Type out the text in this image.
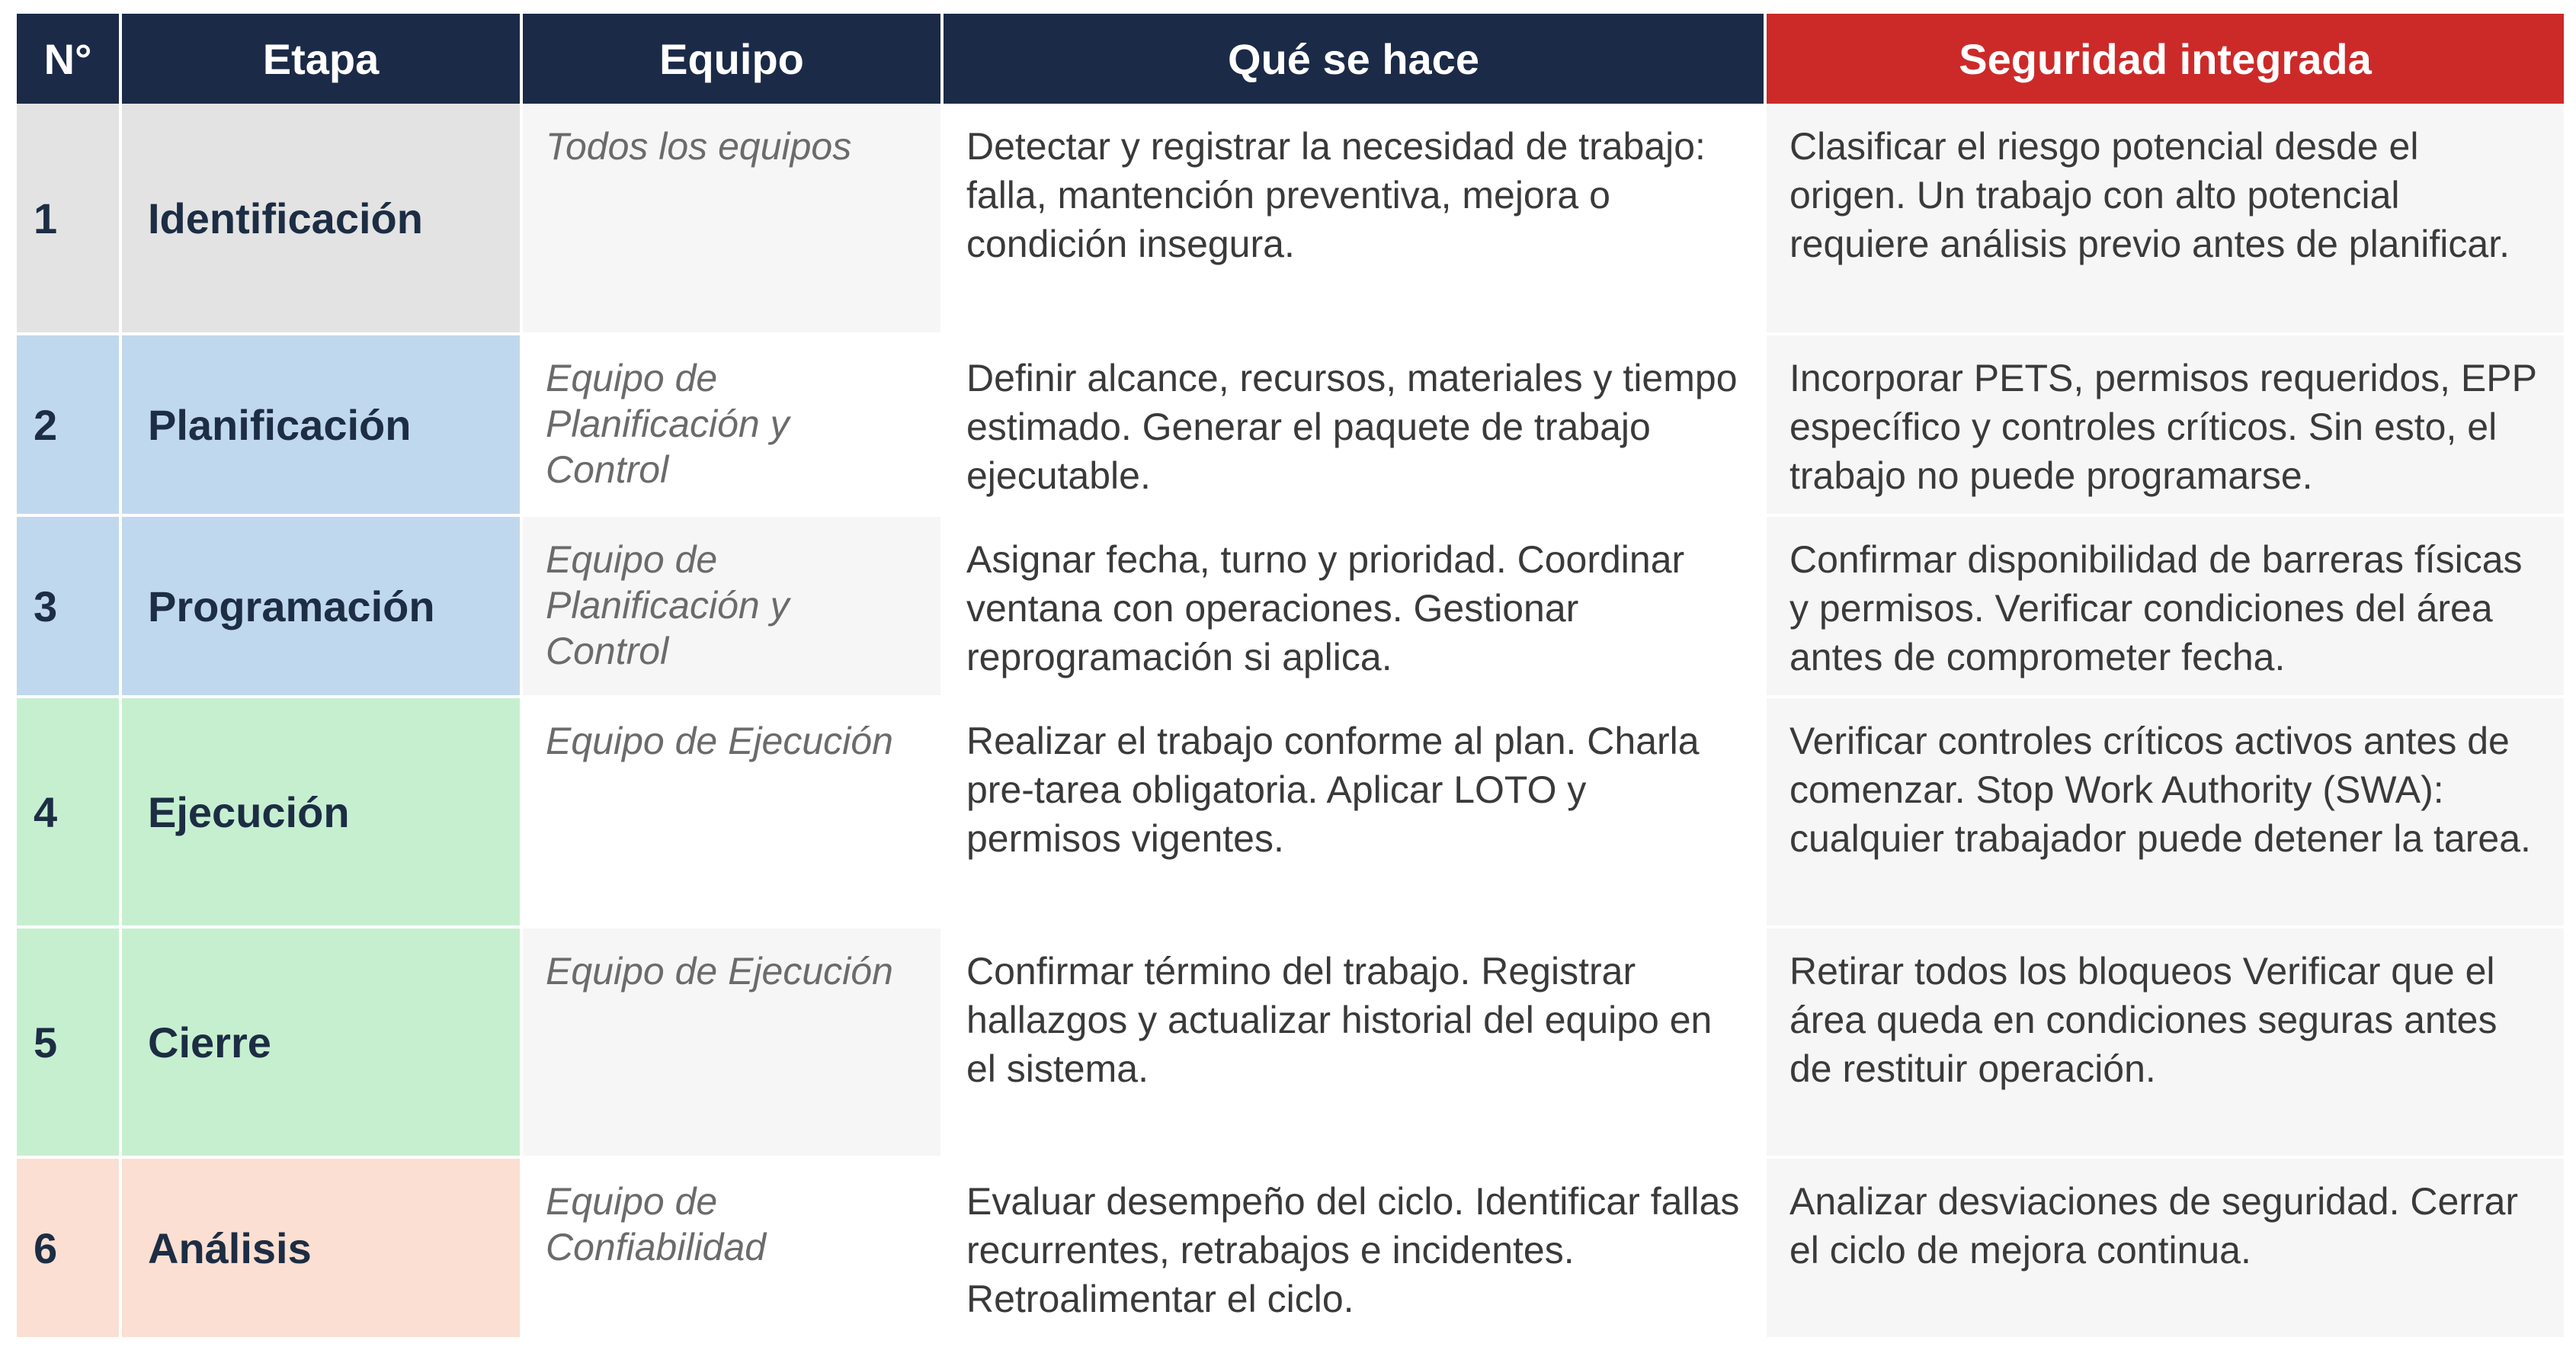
N°	Etapa	Equipo	Qué se hace	Seguridad integrada
1	Identificación	Todos los equipos	Detectar y registrar la necesidad de trabajo: falla, mantención preventiva, mejora o condición insegura.	Clasificar el riesgo potencial desde el origen. Un trabajo con alto potencial requiere análisis previo antes de planificar.
2	Planificación	Equipo de Planificación y Control	Definir alcance, recursos, materiales y tiempo estimado. Generar el paquete de trabajo ejecutable.	Incorporar PETS, permisos requeridos, EPP específico y controles críticos. Sin esto, el trabajo no puede programarse.
3	Programación	Equipo de Planificación y Control	Asignar fecha, turno y prioridad. Coordinar ventana con operaciones. Gestionar reprogramación si aplica.	Confirmar disponibilidad de barreras físicas y permisos. Verificar condiciones del área antes de comprometer fecha.
4	Ejecución	Equipo de Ejecución	Realizar el trabajo conforme al plan. Charla pre-tarea obligatoria. Aplicar LOTO y permisos vigentes.	Verificar controles críticos activos antes de comenzar. Stop Work Authority (SWA): cualquier trabajador puede detener la tarea.
5	Cierre	Equipo de Ejecución	Confirmar término del trabajo. Registrar hallazgos y actualizar historial del equipo en el sistema.	Retirar todos los bloqueos Verificar que el área queda en condiciones seguras antes de restituir operación.
6	Análisis	Equipo de Confiabilidad	Evaluar desempeño del ciclo. Identificar fallas recurrentes, retrabajos e incidentes. Retroalimentar el ciclo.	Analizar desviaciones de seguridad. Cerrar el ciclo de mejora continua.
